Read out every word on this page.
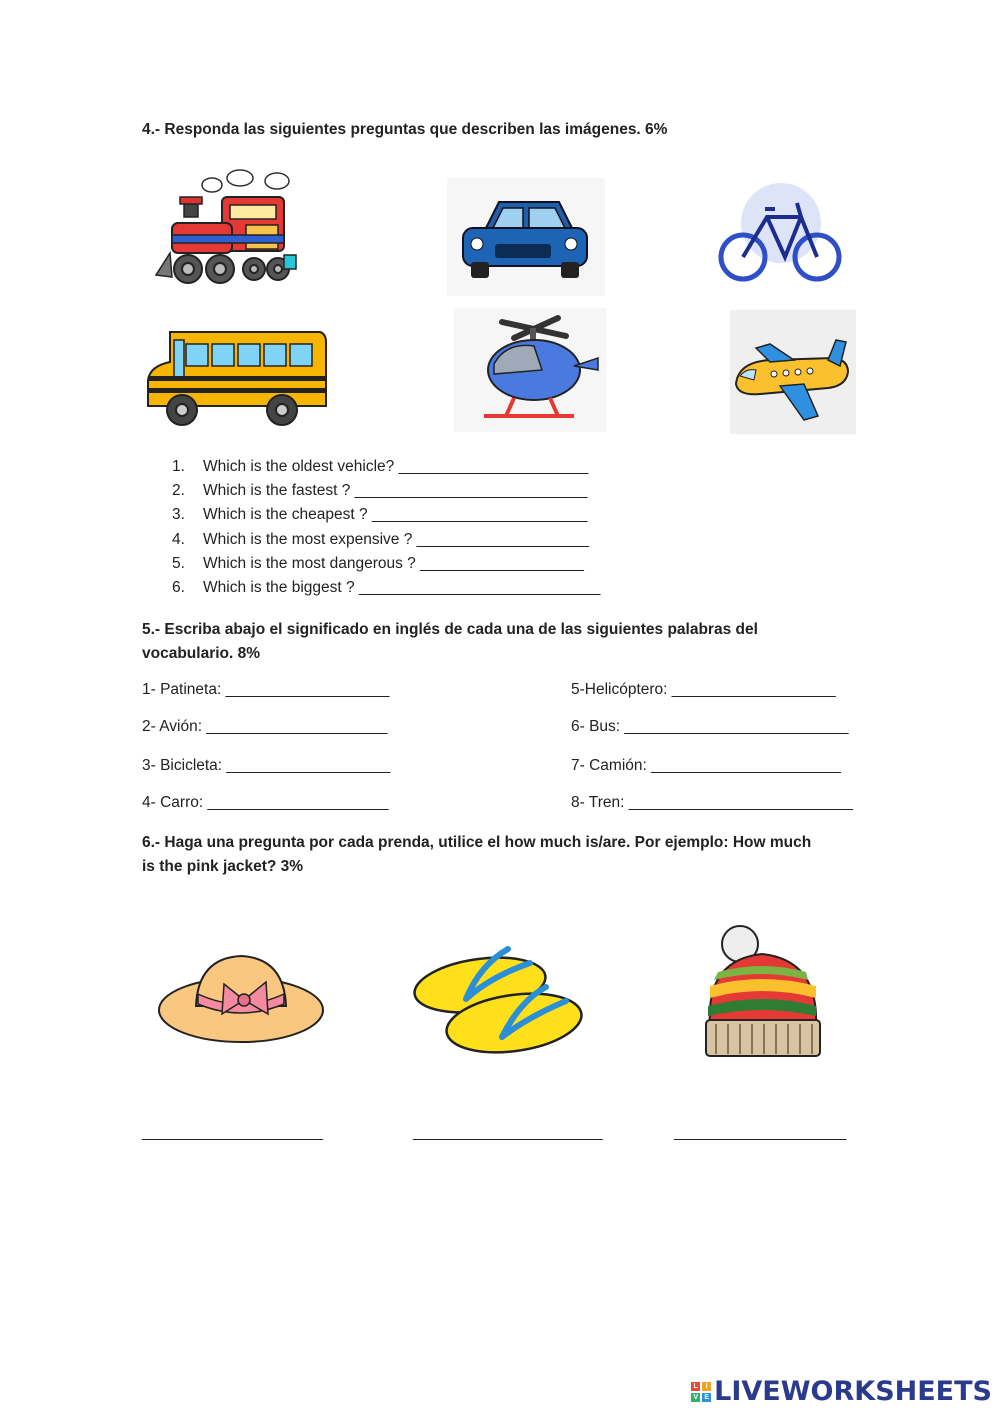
4.- Responda las siguientes preguntas que describen las imágenes. 6%
1.	Which is the oldest vehicle? ______________________
2.	Which is the fastest ? ___________________________
3.	Which is the cheapest ? _________________________
4.	Which is the most expensive ? ____________________
5.	Which is the most dangerous ? ___________________
6.	Which is the biggest ? ____________________________
5.- Escriba abajo el significado en inglés de cada una de las siguientes palabras del
vocabulario. 8%
1- Patineta: ___________________
2- Avión: _____________________
3- Bicicleta: ___________________
4- Carro: _____________________
5-Helicóptero: ___________________
6- Bus: __________________________
7- Camión: ______________________
8- Tren: __________________________
6.- Haga una pregunta por cada prenda, utilice el how much is/are. Por ejemplo: How much
is the pink jacket? 3%
_____________________	______________________	____________________
L	I
V E LIVEWORKSHEETS
